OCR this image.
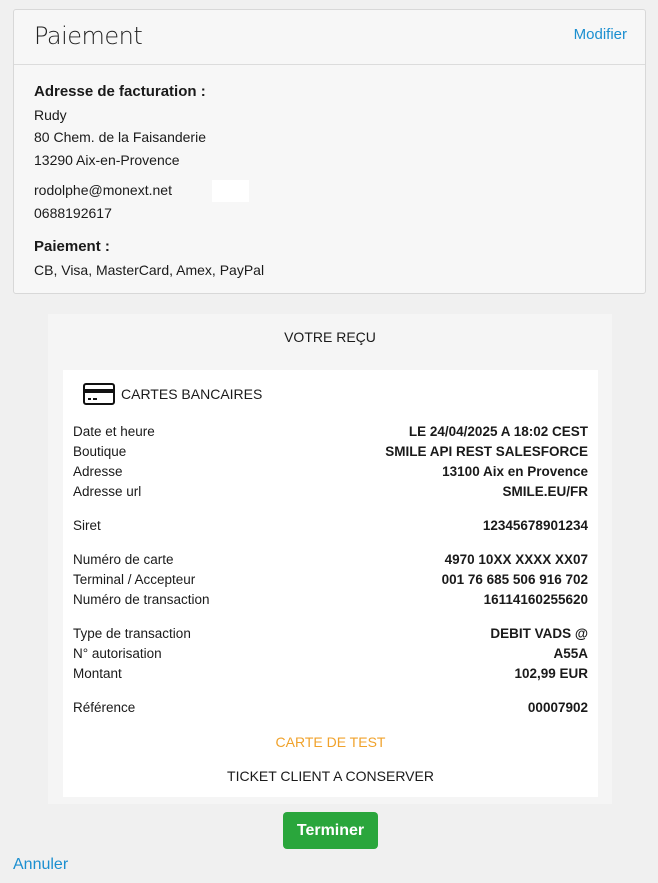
Paiement	Modifier
Adresse de facturation :
Rudy
80 Chem. de la Faisanderie
13290 Aix-en-Provence
rodolphe@monext.net
0688192617
Paiement :
CB, Visa, MasterCard, Amex, PayPal
VOTRE REÇU
CARTES BANCAIRES
Date et heure	LE 24/04/2025 A 18:02 CEST
Boutique	SMILE API REST SALESFORCE
Adresse	13100 Aix en Provence
Adresse url	SMILE.EU/FR
Siret	12345678901234
Numéro de carte	4970 10XX XXXX XX07
Terminal / Accepteur	001 76 685 506 916 702
Numéro de transaction	16114160255620
Type de transaction	DEBIT VADS @
N° autorisation	A55A
Montant	102,99 EUR
Référence	00007902
CARTE DE TEST
TICKET CLIENT A CONSERVER
Terminer
Annuler
